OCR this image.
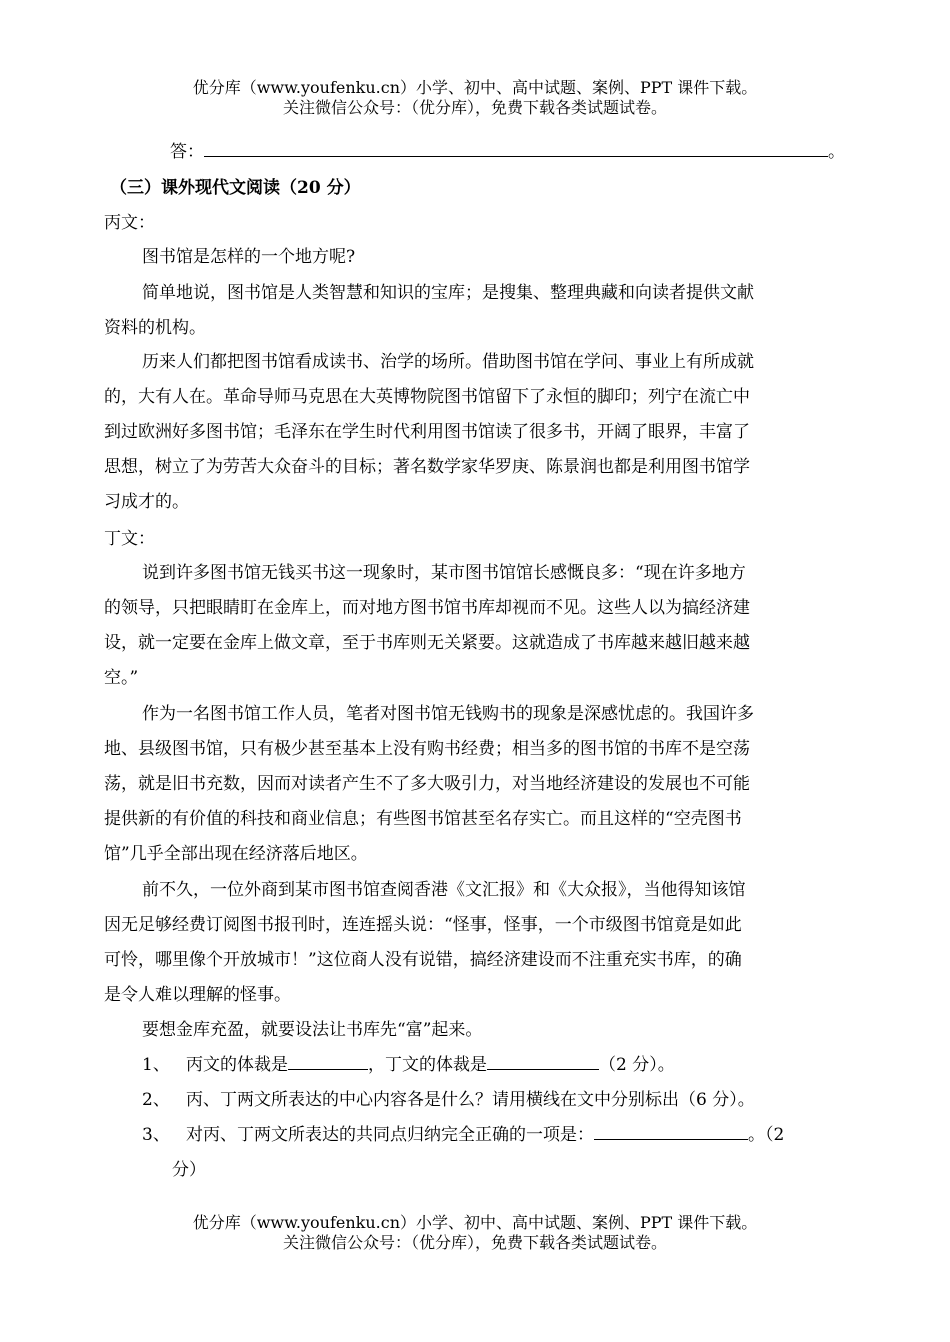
优分库（www.youfenku.cn）小学、初中、高中试题、案例、PPT 课件下载。
关注微信公众号：（优分库），免费下载各类试题试卷。
答：	。
（三）课外现代文阅读（20 分）
丙文：
图书馆是怎样的一个地方呢?
简单地说，图书馆是人类智慧和知识的宝库；是搜集、整理典藏和向读者提供文献
资料的机构。
历来人们都把图书馆看成读书、治学的场所。借助图书馆在学问、事业上有所成就
的，大有人在。革命导师马克思在大英博物院图书馆留下了永恒的脚印；列宁在流亡中
到过欧洲好多图书馆；毛泽东在学生时代利用图书馆读了很多书，开阔了眼界，丰富了
思想，树立了为劳苦大众奋斗的目标；著名数学家华罗庚、陈景润也都是利用图书馆学
习成才的。
丁文：
说到许多图书馆无钱买书这一现象时，某市图书馆馆长感慨良多：“现在许多地方
的领导，只把眼睛盯在金库上，而对地方图书馆书库却视而不见。这些人以为搞经济建
设，就一定要在金库上做文章，至于书库则无关紧要。这就造成了书库越来越旧越来越
空。”
作为一名图书馆工作人员，笔者对图书馆无钱购书的现象是深感忧虑的。我国许多
地、县级图书馆，只有极少甚至基本上没有购书经费；相当多的图书馆的书库不是空荡
荡，就是旧书充数，因而对读者产生不了多大吸引力，对当地经济建设的发展也不可能
提供新的有价值的科技和商业信息；有些图书馆甚至名存实亡。而且这样的“空壳图书
馆”几乎全部出现在经济落后地区。
前不久，一位外商到某市图书馆查阅香港《文汇报》和《大众报》，当他得知该馆
因无足够经费订阅图书报刊时，连连摇头说：“怪事，怪事，一个市级图书馆竟是如此
可怜，哪里像个开放城市！”这位商人没有说错，搞经济建设而不注重充实书库，的确
是令人难以理解的怪事。
要想金库充盈，就要设法让书库先“富”起来。
1、 丙文的体裁是	，丁文的体裁是	（2 分）。
2、 丙、丁两文所表达的中心内容各是什么？请用横线在文中分别标出（6 分）。
3、 对丙、丁两文所表达的共同点归纳完全正确的一项是：	。（2
分）
优分库（www.youfenku.cn）小学、初中、高中试题、案例、PPT 课件下载。
关注微信公众号：（优分库），免费下载各类试题试卷。
